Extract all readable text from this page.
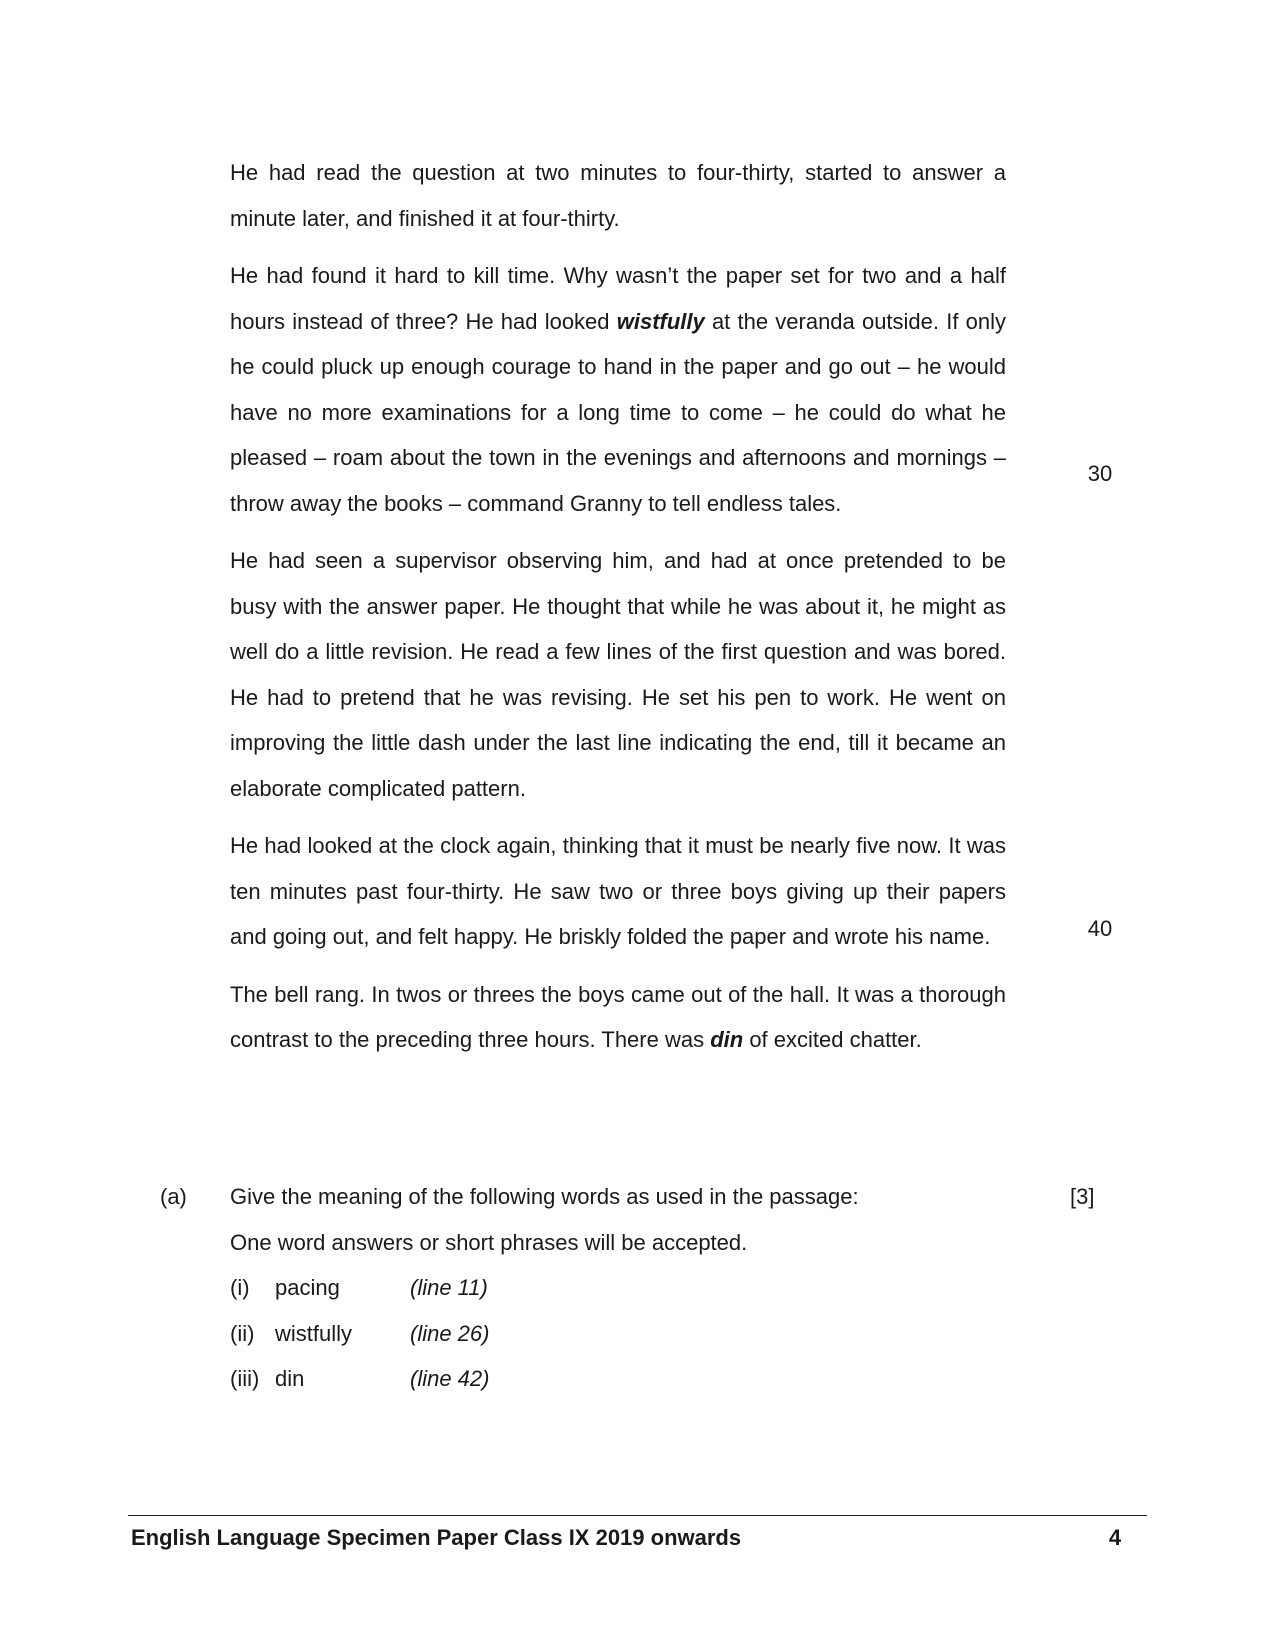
He had read the question at two minutes to four-thirty, started to answer a minute later, and finished it at four-thirty.

He had found it hard to kill time. Why wasn’t the paper set for two and a half hours instead of three? He had looked wistfully at the veranda outside. If only he could pluck up enough courage to hand in the paper and go out – he would have no more examinations for a long time to come – he could do what he pleased – roam about the town in the evenings and afternoons and mornings – throw away the books – command Granny to tell endless tales.

He had seen a supervisor observing him, and had at once pretended to be busy with the answer paper. He thought that while he was about it, he might as well do a little revision. He read a few lines of the first question and was bored. He had to pretend that he was revising. He set his pen to work. He went on improving the little dash under the last line indicating the end, till it became an elaborate complicated pattern.

He had looked at the clock again, thinking that it must be nearly five now. It was ten minutes past four-thirty. He saw two or three boys giving up their papers and going out, and felt happy. He briskly folded the paper and wrote his name.

The bell rang. In twos or threes the boys came out of the hall. It was a thorough contrast to the preceding three hours. There was din of excited chatter.

30
40
(a)	[3]
Give the meaning of the following words as used in the passage:
One word answers or short phrases will be accepted.
(i) pacing	(line 11)
(ii) wistfully	(line 26)
(iii) din	(line 42)
English Language Specimen Paper Class IX 2019 onwards	4
